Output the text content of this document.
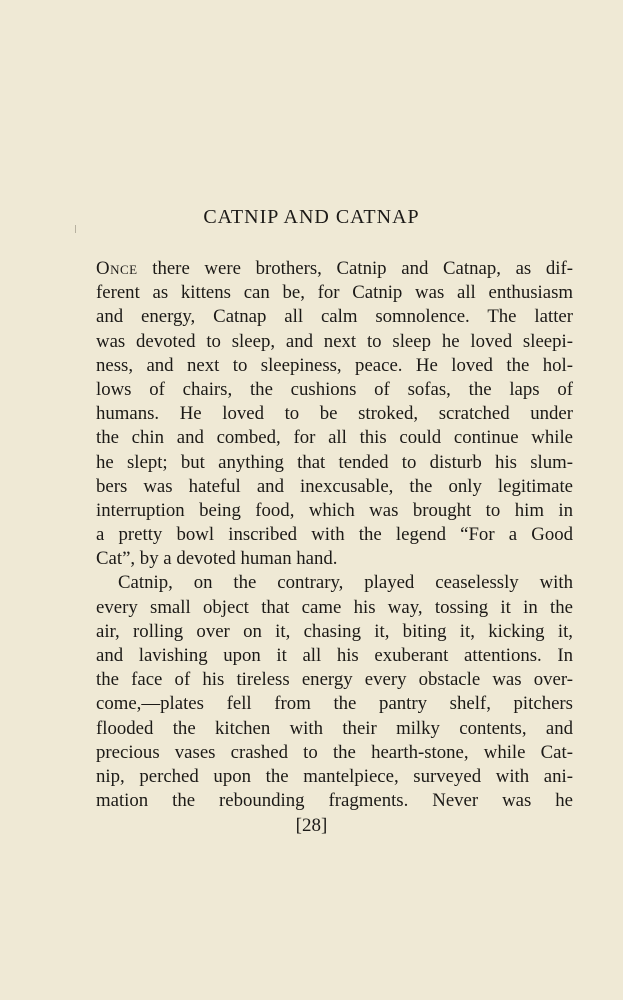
CATNIP AND CATNAP
Once there were brothers, Catnip and Catnap, as dif-
ferent as kittens can be, for Catnip was all enthusiasm
and energy, Catnap all calm somnolence. The latter
was devoted to sleep, and next to sleep he loved sleepi-
ness, and next to sleepiness, peace. He loved the hol-
lows of chairs, the cushions of sofas, the laps of
humans. He loved to be stroked, scratched under
the chin and combed, for all this could continue while
he slept; but anything that tended to disturb his slum-
bers was hateful and inexcusable, the only legitimate
interruption being food, which was brought to him in
a pretty bowl inscribed with the legend “For a Good
Cat”, by a devoted human hand.
Catnip, on the contrary, played ceaselessly with
every small object that came his way, tossing it in the
air, rolling over on it, chasing it, biting it, kicking it,
and lavishing upon it all his exuberant attentions. In
the face of his tireless energy every obstacle was over-
come,—plates fell from the pantry shelf, pitchers
flooded the kitchen with their milky contents, and
precious vases crashed to the hearth-stone, while Cat-
nip, perched upon the mantelpiece, surveyed with ani-
mation the rebounding fragments. Never was he
[28]
